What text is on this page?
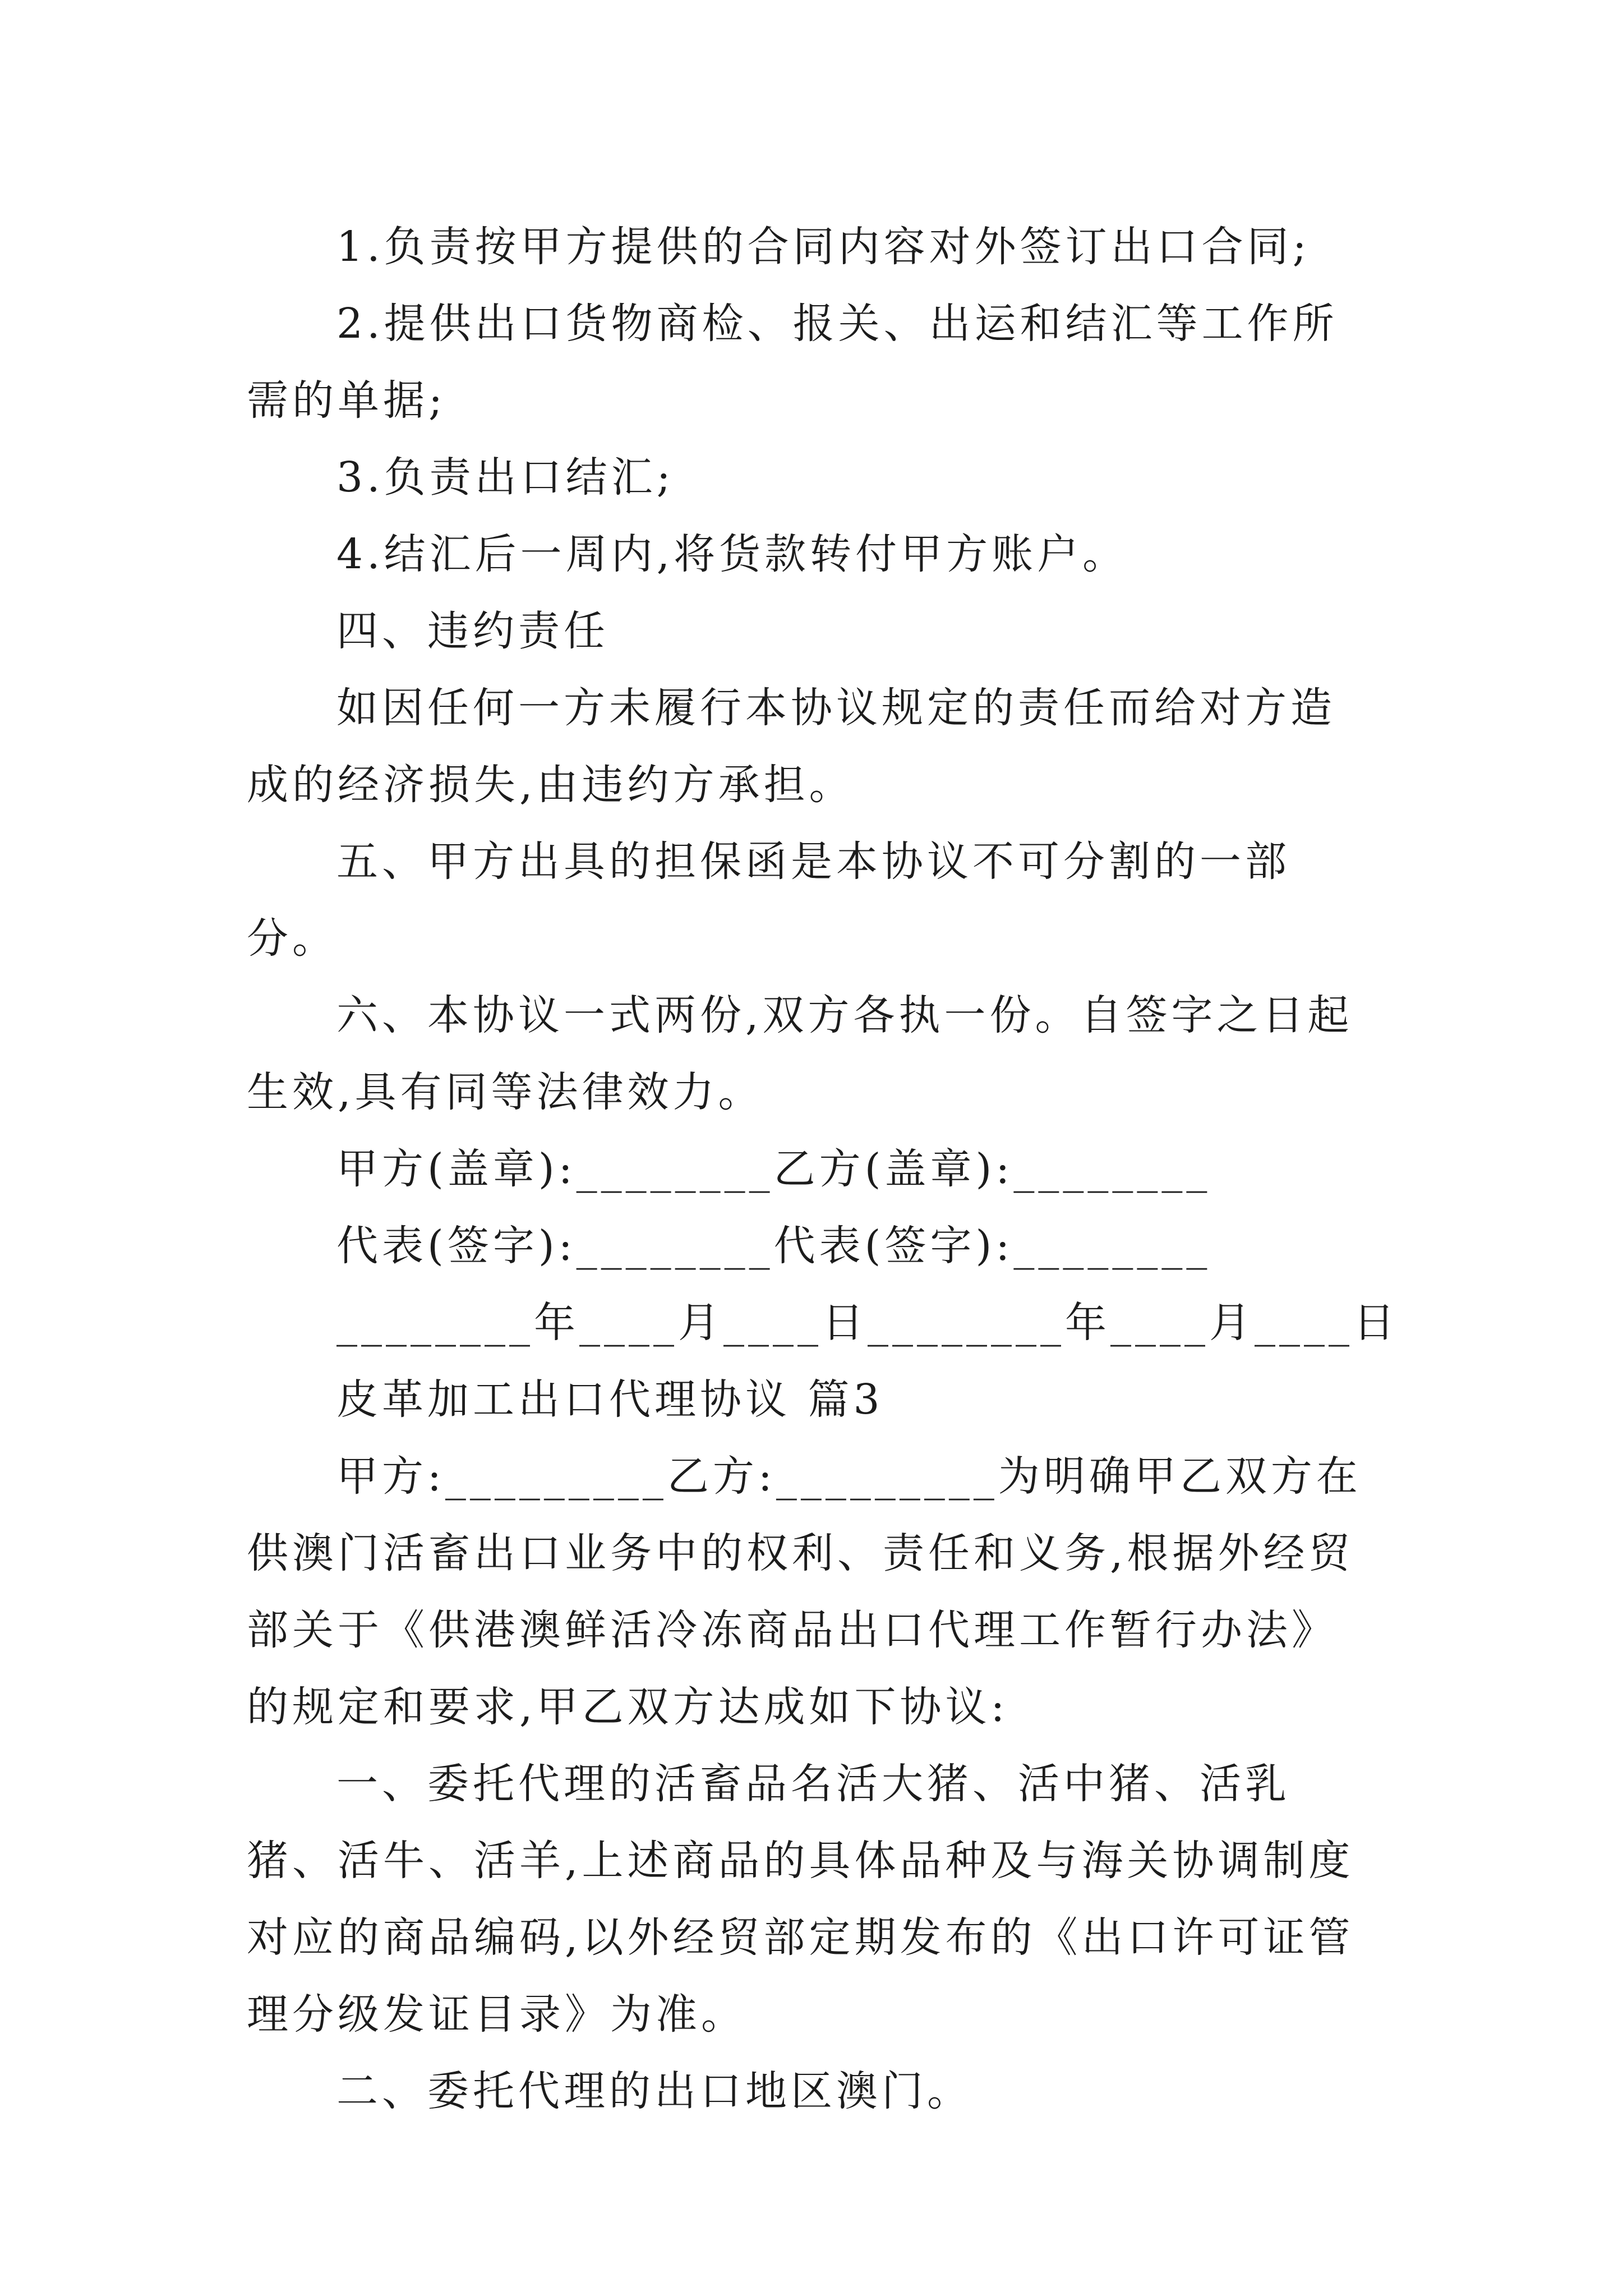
1.负责按甲方提供的合同内容对外签订出口合同;

2.提供出口货物商检、报关、出运和结汇等工作所需的单据;

3.负责出口结汇;

4.结汇后一周内,将货款转付甲方账户。

四、违约责任

如因任何一方未履行本协议规定的责任而给对方造成的经济损失,由违约方承担。

五、甲方出具的担保函是本协议不可分割的一部分。

六、本协议一式两份,双方各执一份。自签字之日起生效,具有同等法律效力。

甲方(盖章):________乙方(盖章):________

代表(签字):________代表(签字):________

________年____月____日________年____月____日

皮革加工出口代理协议 篇3

甲方:_________乙方:_________为明确甲乙双方在供澳门活畜出口业务中的权利、责任和义务,根据外经贸部关于《供港澳鲜活冷冻商品出口代理工作暂行办法》的规定和要求,甲乙双方达成如下协议:

一、委托代理的活畜品名活大猪、活中猪、活乳猪、活牛、活羊,上述商品的具体品种及与海关协调制度对应的商品编码,以外经贸部定期发布的《出口许可证管理分级发证目录》为准。

二、委托代理的出口地区澳门。
